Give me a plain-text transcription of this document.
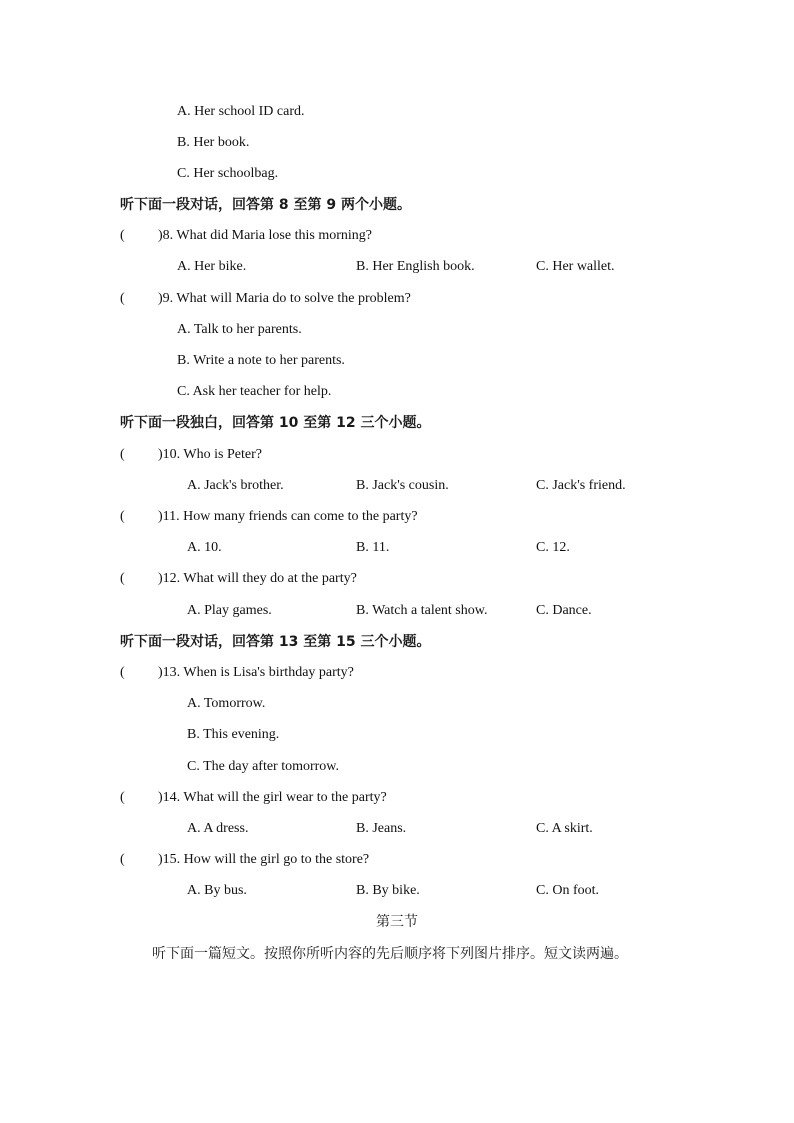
A. Her school ID card.
B. Her book.
C. Her schoolbag.
听下面一段对话，回答第 8 至第 9 两个小题。
( )8. What did Maria lose this morning?
A. Her bike.	B. Her English book.	C. Her wallet.
( )9. What will Maria do to solve the problem?
A. Talk to her parents.
B. Write a note to her parents.
C. Ask her teacher for help.
听下面一段独白，回答第 10 至第 12 三个小题。
( )10. Who is Peter?
A. Jack's brother.	B. Jack's cousin.	C. Jack's friend.
( )11. How many friends can come to the party?
A. 10.	B. 11.	C. 12.
( )12. What will they do at the party?
A. Play games.	B. Watch a talent show.	C. Dance.
听下面一段对话，回答第 13 至第 15 三个小题。
( )13. When is Lisa's birthday party?
A. Tomorrow.
B. This evening.
C. The day after tomorrow.
( )14. What will the girl wear to the party?
A. A dress.	B. Jeans.	C. A skirt.
( )15. How will the girl go to the store?
A. By bus.	B. By bike.	C. On foot.
第三节
听下面一篇短文。按照你所听内容的先后顺序将下列图片排序。短文读两遍。
